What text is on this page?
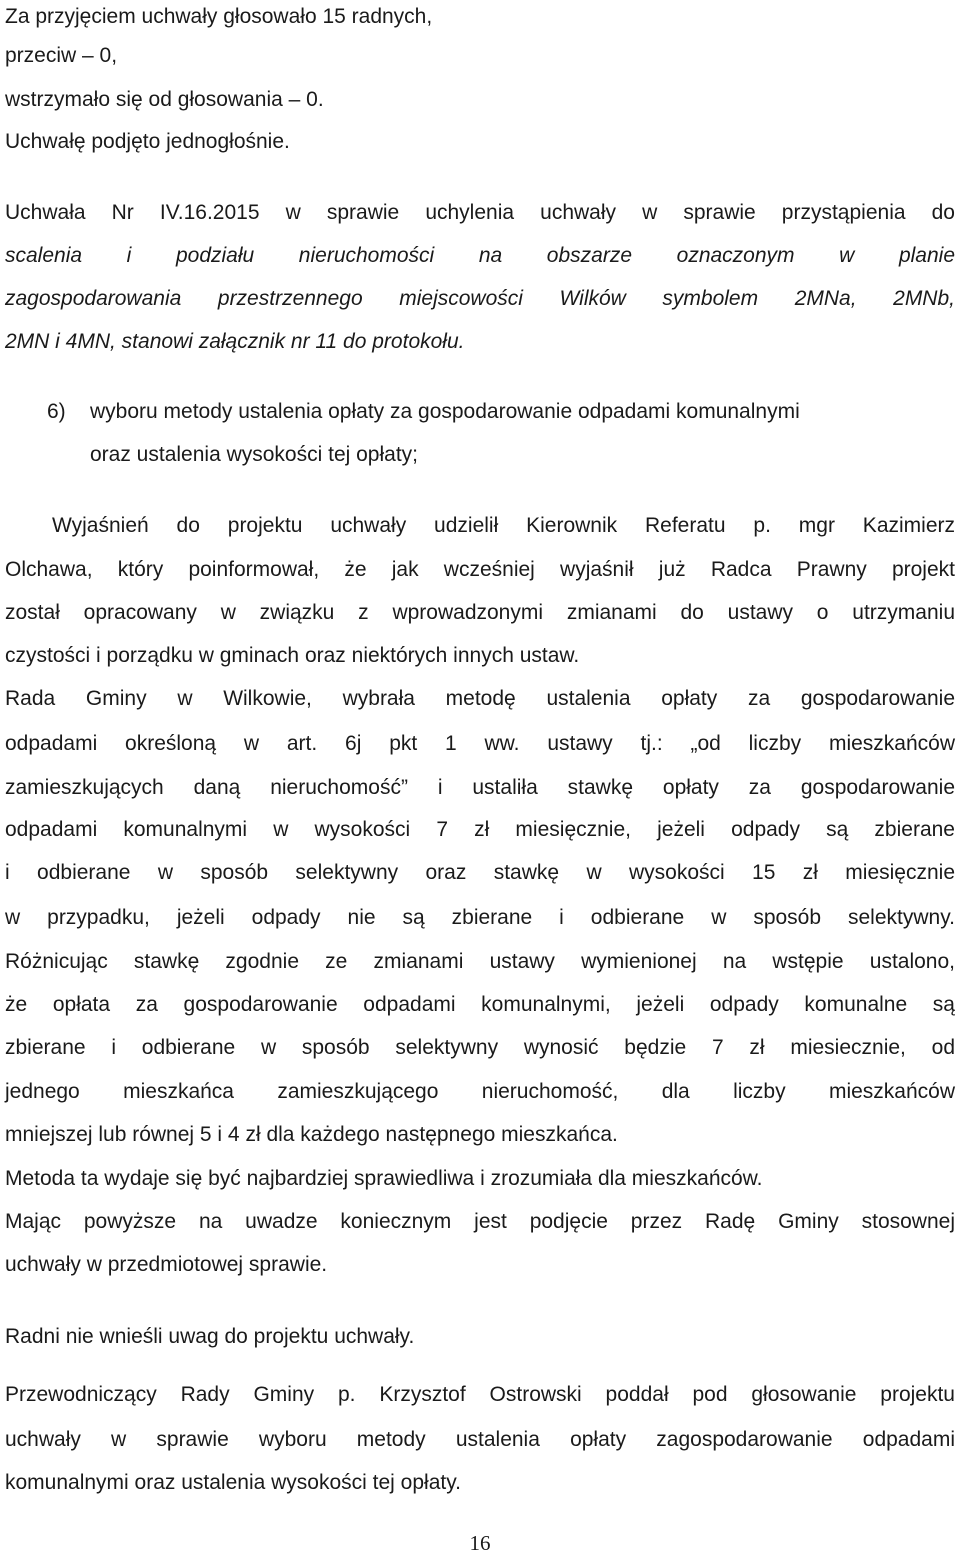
Za przyjęciem uchwały głosowało 15 radnych,
przeciw – 0,
wstrzymało się od głosowania – 0.
Uchwałę podjęto jednogłośnie.
Uchwała Nr IV.16.2015 w sprawie uchylenia uchwały w sprawie przystąpienia do
scalenia i podziału nieruchomości na obszarze oznaczonym w planie
zagospodarowania przestrzennego miejscowości Wilków symbolem 2MNa, 2MNb,
2MN i 4MN, stanowi załącznik nr 11 do protokołu.
6) wyboru metody ustalenia opłaty za gospodarowanie odpadami komunalnymi
oraz ustalenia wysokości tej opłaty;
Wyjaśnień do projektu uchwały udzielił Kierownik Referatu p. mgr Kazimierz
Olchawa, który poinformował, że jak wcześniej wyjaśnił już Radca Prawny projekt
został opracowany w związku z wprowadzonymi zmianami do ustawy o utrzymaniu
czystości i porządku w gminach oraz niektórych innych ustaw.
Rada Gminy w Wilkowie, wybrała metodę ustalenia opłaty za gospodarowanie
odpadami określoną w art. 6j pkt 1 ww. ustawy tj.: „od liczby mieszkańców
zamieszkujących daną nieruchomość” i ustaliła stawkę opłaty za gospodarowanie
odpadami komunalnymi w wysokości 7 zł miesięcznie, jeżeli odpady są zbierane
i odbierane w sposób selektywny oraz stawkę w wysokości 15 zł miesięcznie
w przypadku, jeżeli odpady nie są zbierane i odbierane w sposób selektywny.
Różnicując stawkę zgodnie ze zmianami ustawy wymienionej na wstępie ustalono,
że opłata za gospodarowanie odpadami komunalnymi, jeżeli odpady komunalne są
zbierane i odbierane w sposób selektywny wynosić będzie 7 zł miesiecznie, od
jednego mieszkańca zamieszkującego nieruchomość, dla liczby mieszkańców
mniejszej lub równej 5 i 4 zł dla każdego następnego mieszkańca.
Metoda ta wydaje się być najbardziej sprawiedliwa i zrozumiała dla mieszkańców.
Mając powyższe na uwadze koniecznym jest podjęcie przez Radę Gminy stosownej
uchwały w przedmiotowej sprawie.
Radni nie wnieśli uwag do projektu uchwały.
Przewodniczący Rady Gminy p. Krzysztof Ostrowski poddał pod głosowanie projektu
uchwały w sprawie wyboru metody ustalenia opłaty zagospodarowanie odpadami
komunalnymi oraz ustalenia wysokości tej opłaty.
16
